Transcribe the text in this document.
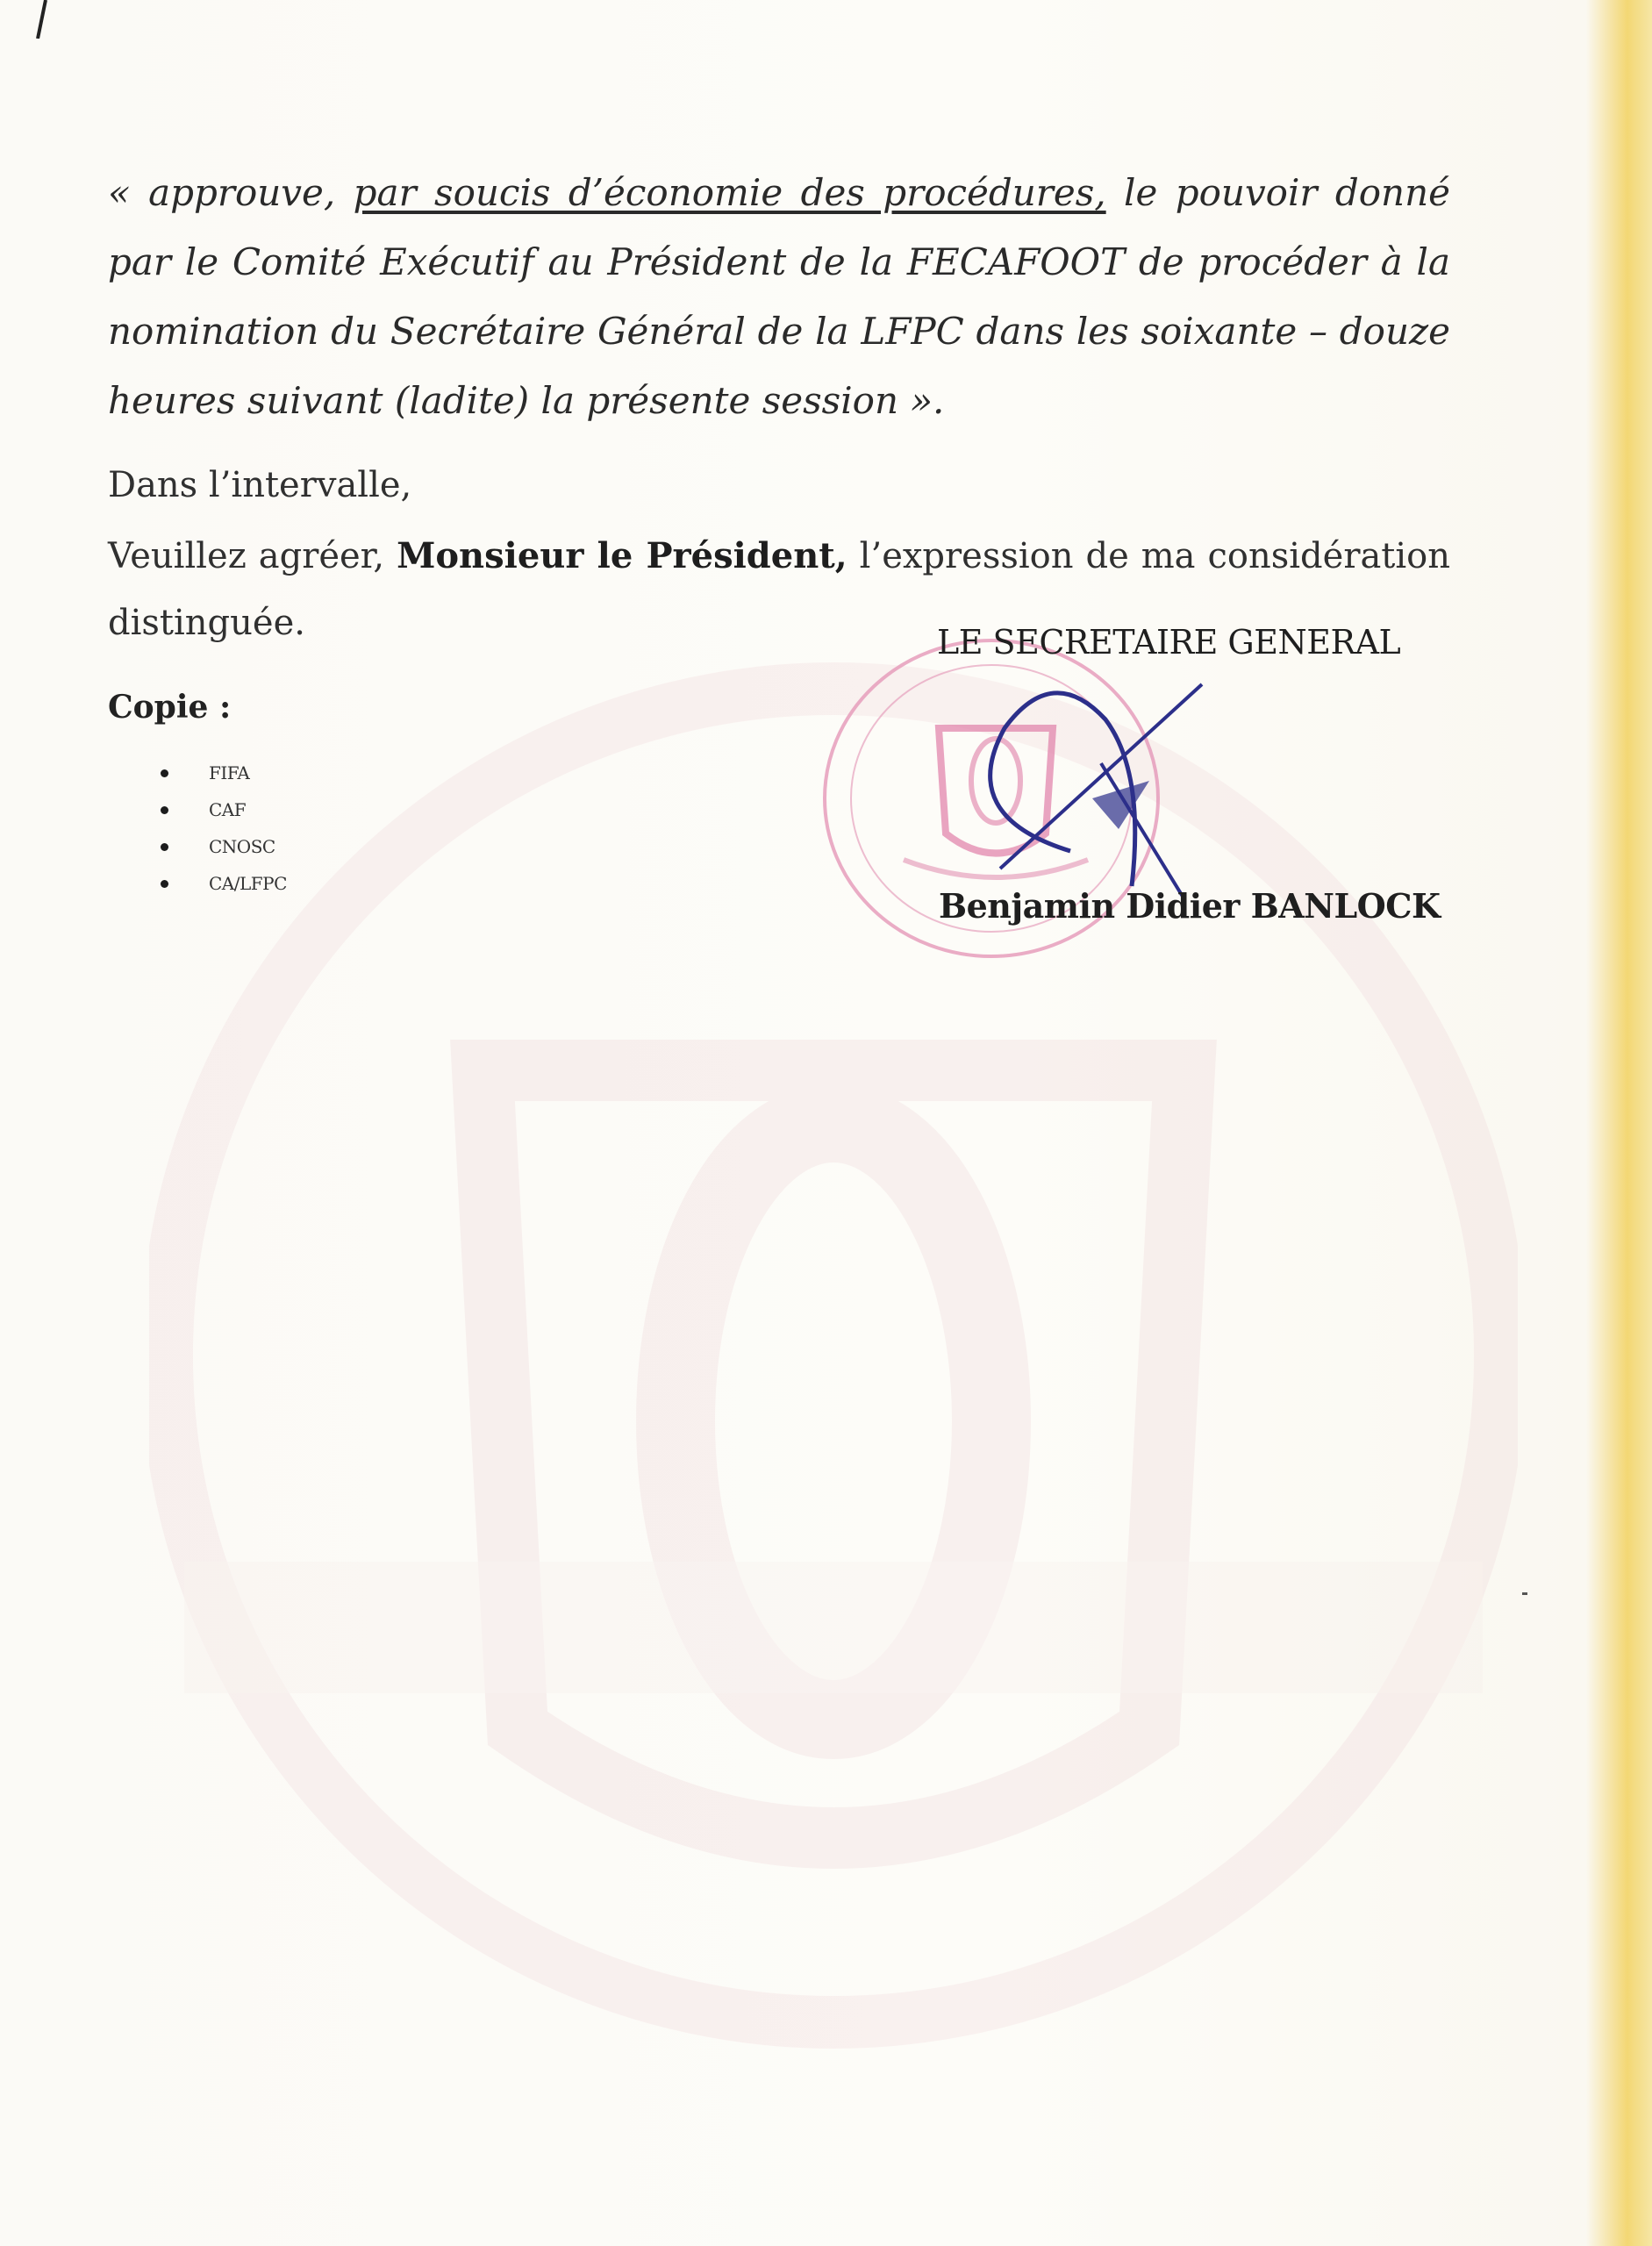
« approuve, par soucis d’économie des procédures, le pouvoir donné par le Comité Exécutif au Président de la FECAFOOT de procéder à la nomination du Secrétaire Général de la LFPC dans les soixante – douze heures suivant (ladite) la présente session ».
Dans l’intervalle,
Veuillez agréer, Monsieur le Président, l’expression de ma considération distinguée.
Copie :
FIFA
CAF
CNOSC
CA/LFPC
LE SECRETAIRE GENERAL
Benjamin Didier BANLOCK
